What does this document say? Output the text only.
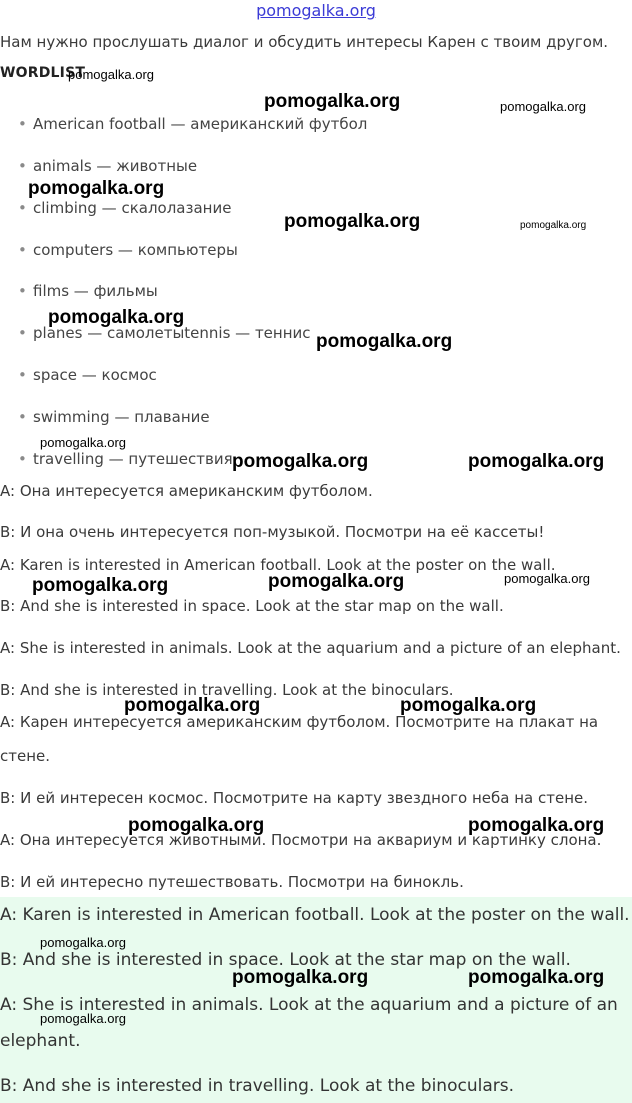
pomogalka.org
Нам нужно прослушать диалог и обсудить интересы Карен с твоим другом.
WORDLIST
• American football — американский футбол
• animals — животные
• climbing — скалолазание
• computers — компьютеры
• films — фильмы
• planes — самолетыtennis — теннис
• space — космос
• swimming — плавание
• travelling — путешествия
A: Она интересуется американским футболом.
B: И она очень интересуется поп-музыкой. Посмотри на её кассеты!
A: Karen is interested in American football. Look at the poster on the wall.
B: And she is interested in space. Look at the star map on the wall.
A: She is interested in animals. Look at the aquarium and a picture of an elephant.
B: And she is interested in travelling. Look at the binoculars.
A: Карен интересуется американским футболом. Посмотрите на плакат на
стене.
B: И ей интересен космос. Посмотрите на карту звездного неба на стене.
A: Она интересуется животными. Посмотри на аквариум и картинку слона.
B: И ей интересно путешествовать. Посмотри на бинокль.
A: Karen is interested in American football. Look at the poster on the wall.
B: And she is interested in space. Look at the star map on the wall.
A: She is interested in animals. Look at the aquarium and a picture of an
elephant.
B: And she is interested in travelling. Look at the binoculars.
pomogalka.org
pomogalka.org	pomogalka.org
pomogalka.org
pomogalka.org	pomogalka.org
pomogalka.org
pomogalka.org
pomogalka.org
pomogalka.org	pomogalka.org
pomogalka.org	pomogalka.org	pomogalka.org
pomogalka.org	pomogalka.org
pomogalka.org	pomogalka.org
pomogalka.org
pomogalka.org	pomogalka.org
pomogalka.org
